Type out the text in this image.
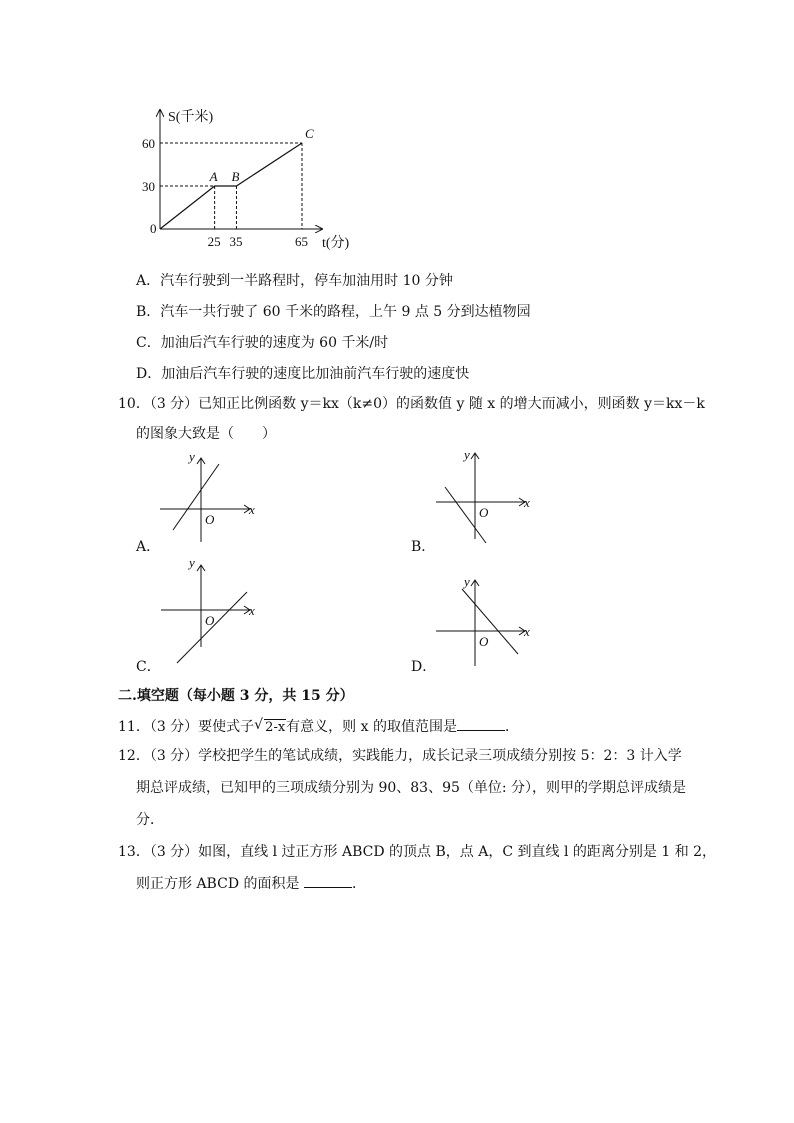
S(千米)
t(分)
0
A B
C
25 35	65
60
30
A．汽车行驶到一半路程时，停车加油用时 10 分钟
B．汽车一共行驶了 60 千米的路程，上午 9 点 5 分到达植物园
C．加油后汽车行驶的速度为 60 千米/时
D．加油后汽车行驶的速度比加油前汽车行驶的速度快
10．（3 分）已知正比例函数 y＝kx（k≠0）的函数值 y 随 x 的增大而减小，则函数 y＝kx－k
的图象大致是（　　）
y
x
O
A．
y
x
O
B．
y
x
O
C．
y
x
O
D．
二.填空题（每小题 3 分，共 15 分）
11．（3 分）要使式子 √ 2-x有意义，则 x 的取值范围是	．
12．（3 分）学校把学生的笔试成绩，实践能力，成长记录三项成绩分别按 5：2：3 计入学
期总评成绩，已知甲的三项成绩分别为 90、83、95（单位: 分），则甲的学期总评成绩是
分．
13．（3 分）如图，直线 l 过正方形 ABCD 的顶点 B，点 A，C 到直线 l 的距离分别是 1 和 2，
则正方形 ABCD 的面积是	．
